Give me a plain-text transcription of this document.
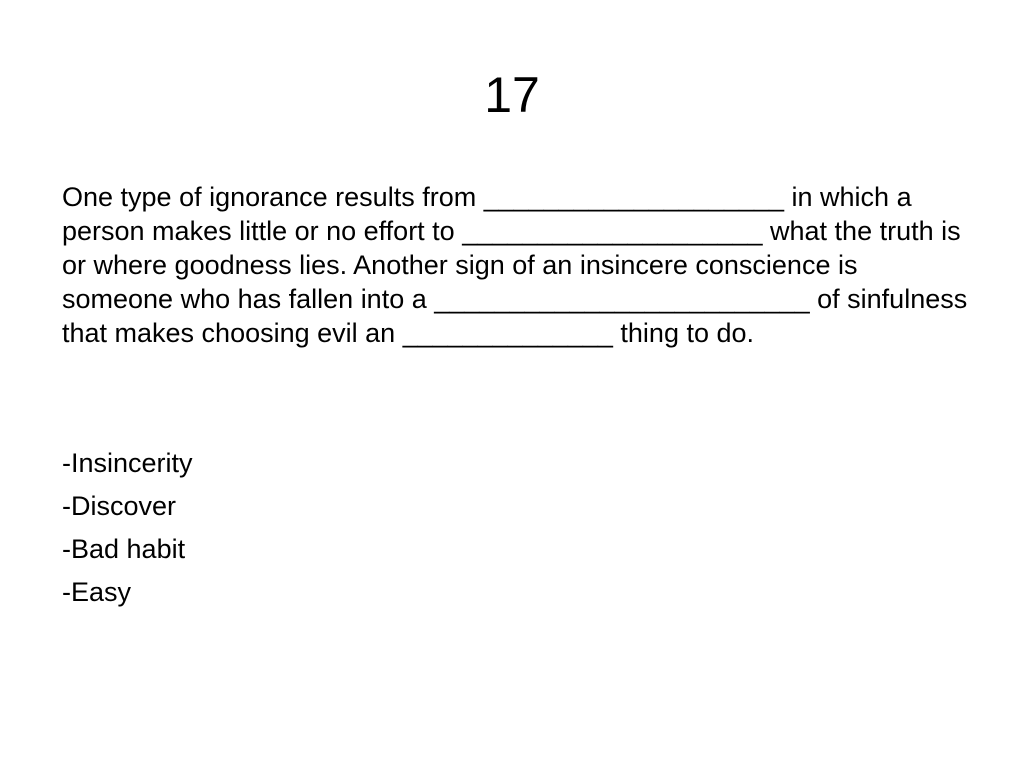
17

One type of ignorance results from ____________________ in which a person makes little or no effort to ____________________ what the truth is or where goodness lies. Another sign of an insincere conscience is someone who has fallen into a _________________________ of sinfulness that makes choosing evil an ______________ thing to do.

-Insincerity
-Discover
-Bad habit
-Easy
